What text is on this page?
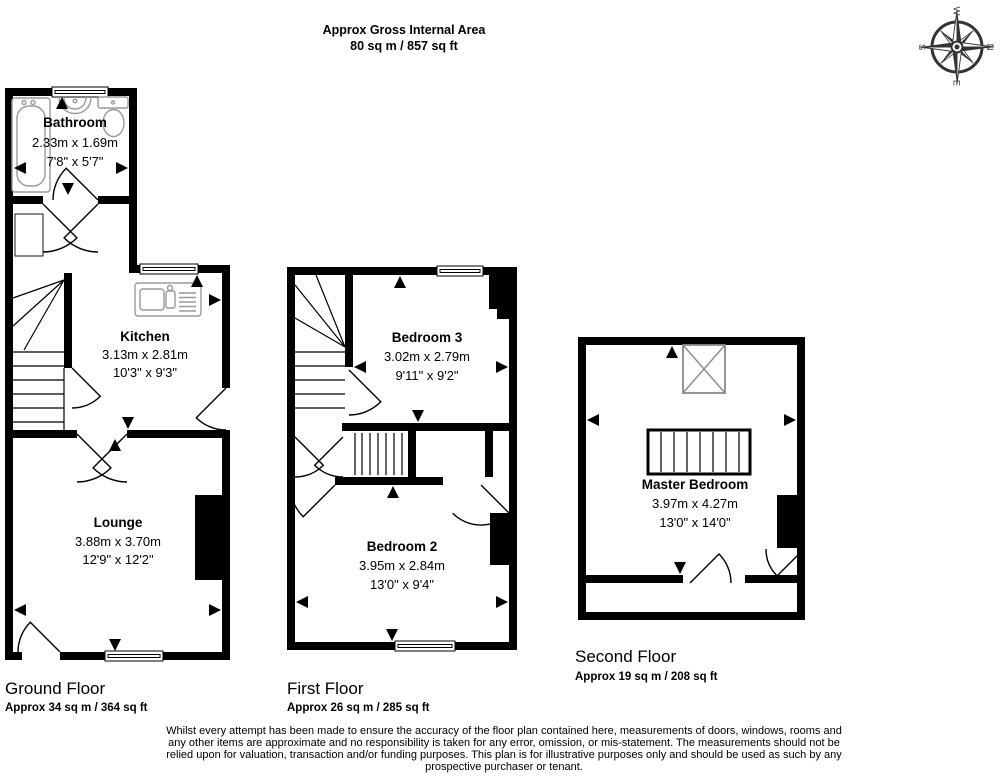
Approx Gross Internal Area
80 sq m / 857 sq ft	N
E
S
W
Bathroom
2.33m x 1.69m
7'8" x 5'7"
Kitchen
3.13m x 2.81m
10'3" x 9'3"
Lounge
3.88m x 3.70m
12'9" x 12'2"
Bedroom 3
3.02m x 2.79m
9'11" x 9'2"
Bedroom 2
3.95m x 2.84m
13'0" x 9'4"
Master Bedroom
3.97m x 4.27m
13'0" x 14'0"
Ground Floor
Approx 34 sq m / 364 sq ft
First Floor
Approx 26 sq m / 285 sq ft
Second Floor
Approx 19 sq m / 208 sq ft
Whilst every attempt has been made to ensure the accuracy of the floor plan contained here, measurements of doors, windows, rooms and
any other items are approximate and no responsibility is taken for any error, omission, or mis-statement. The measurements should not be
relied upon for valuation, transaction and/or funding purposes. This plan is for illustrative purposes only and should be used as such by any
prospective purchaser or tenant.
